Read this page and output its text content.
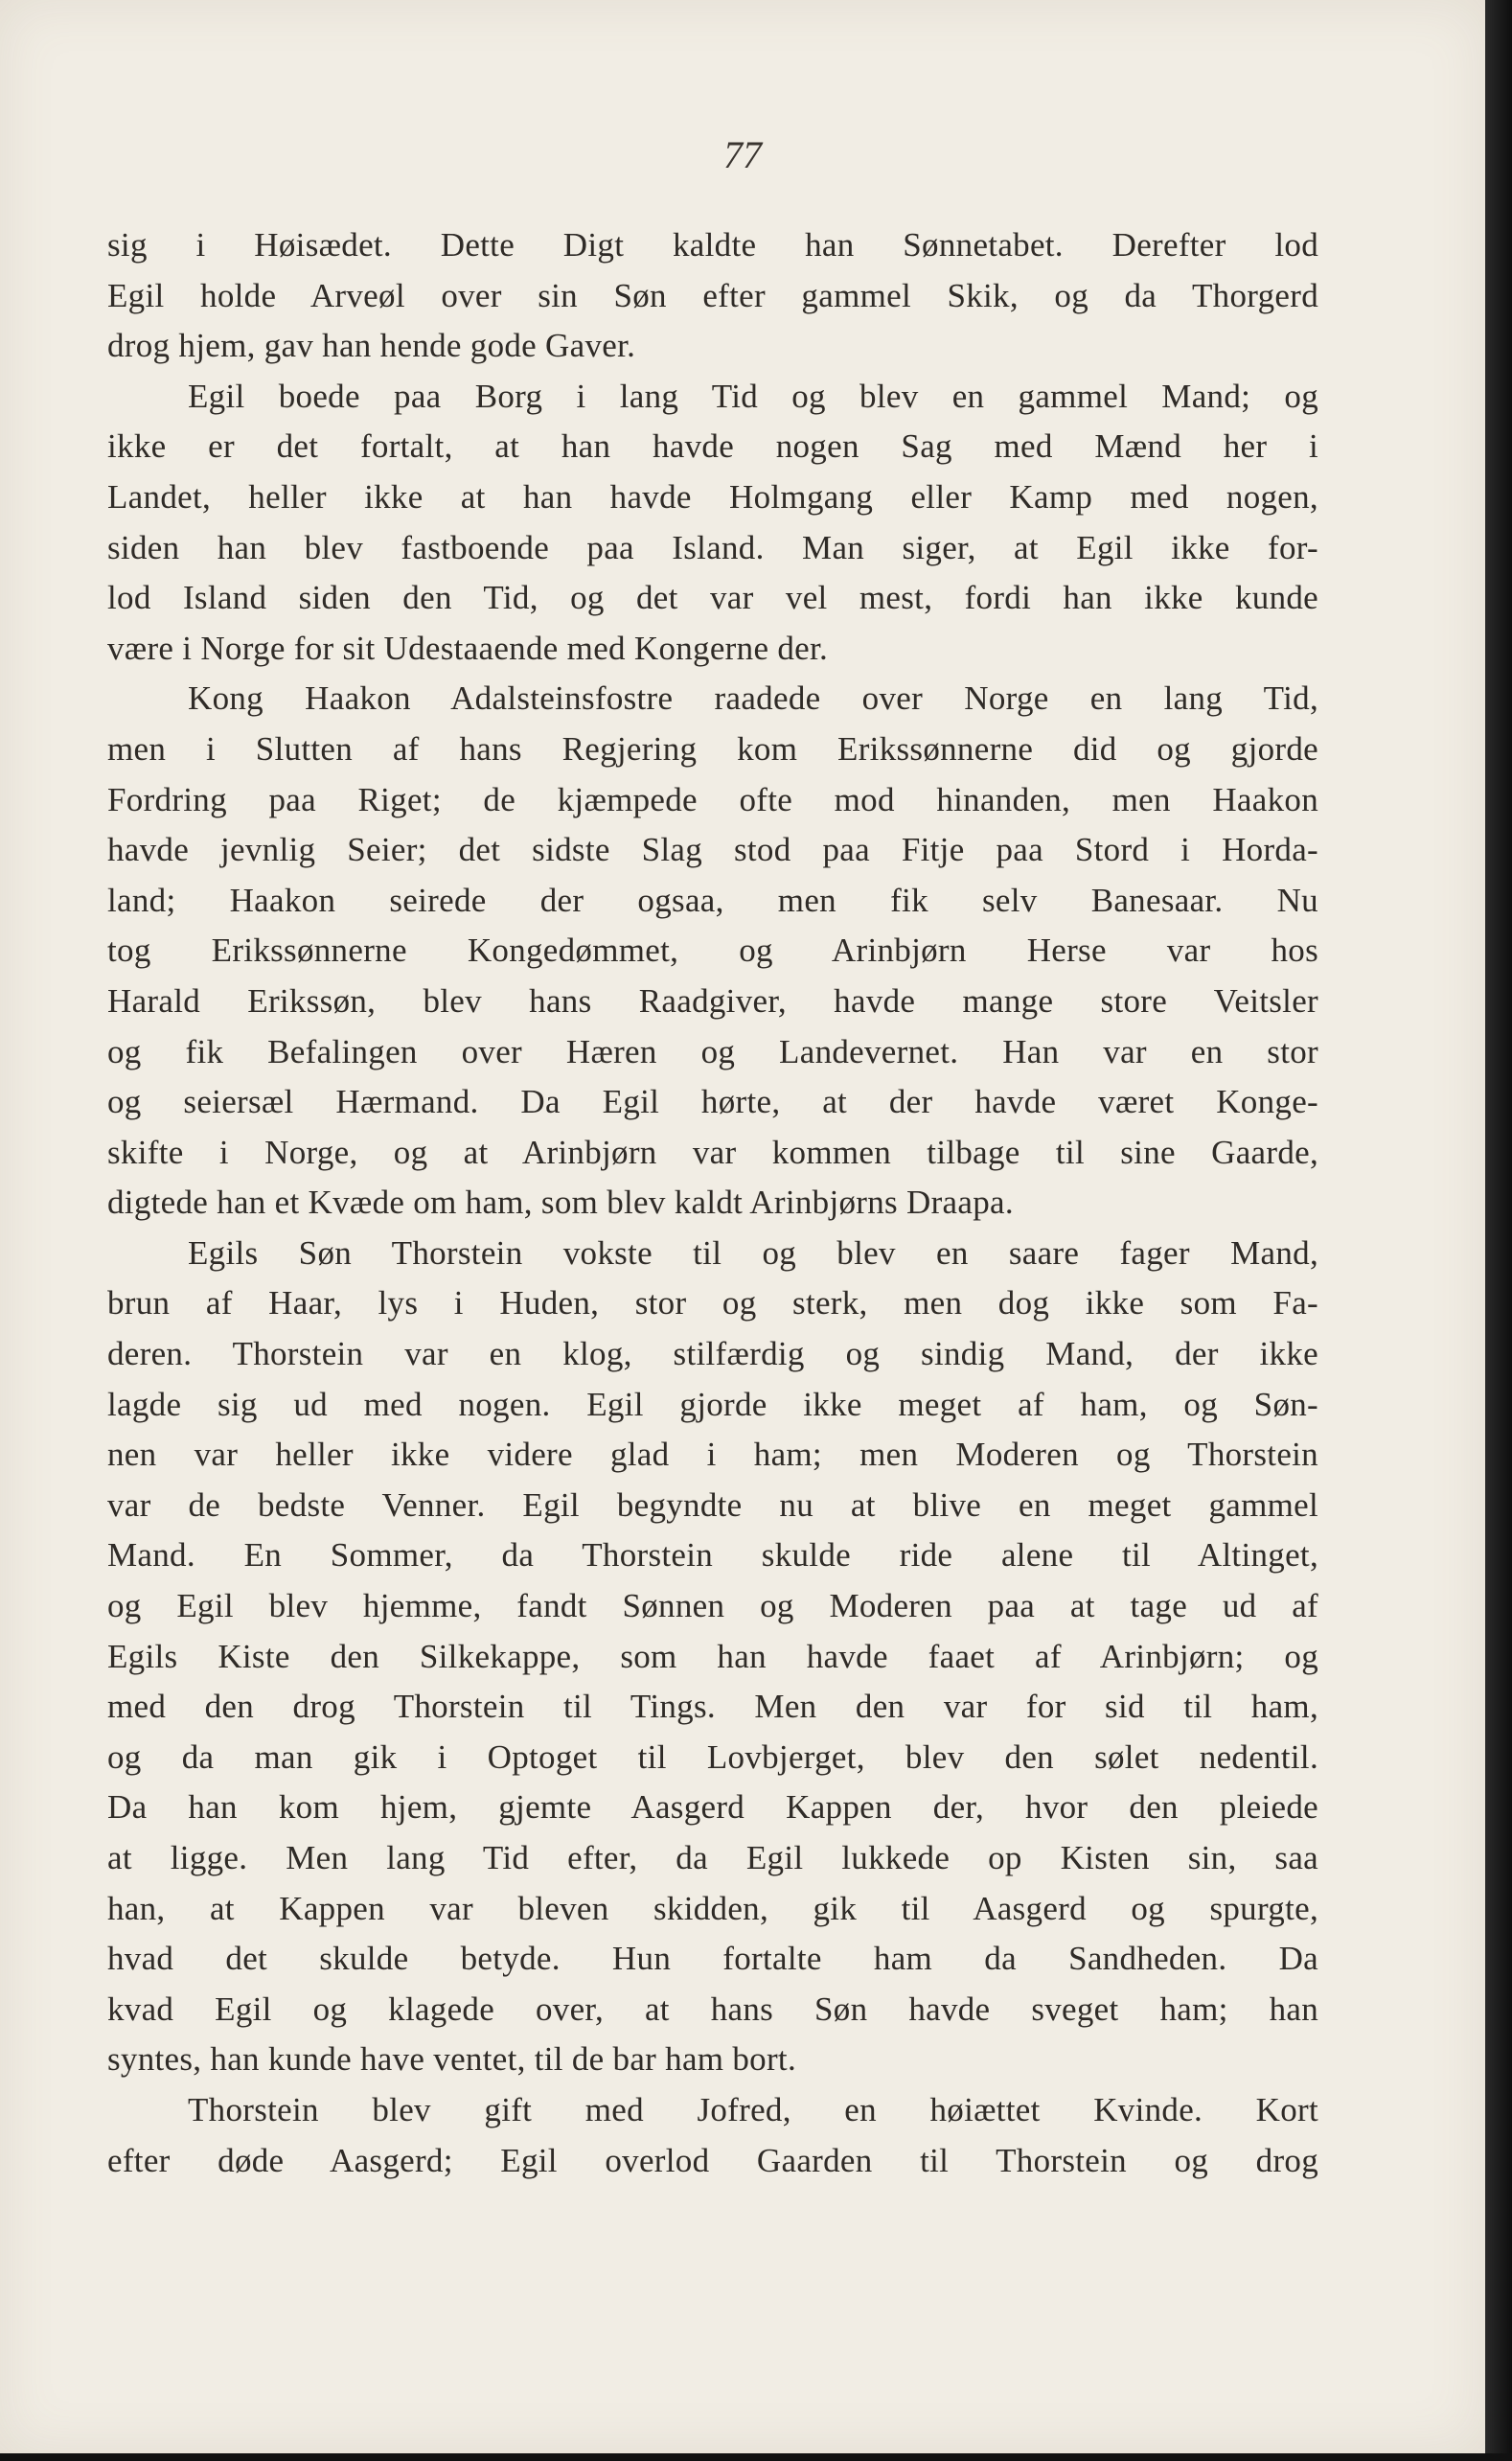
77

sig i Høisædet. Dette Digt kaldte han Sønnetabet. Derefter lod
Egil holde Arveøl over sin Søn efter gammel Skik, og da Thorgerd
drog hjem, gav han hende gode Gaver.
Egil boede paa Borg i lang Tid og blev en gammel Mand; og
ikke er det fortalt, at han havde nogen Sag med Mænd her i
Landet, heller ikke at han havde Holmgang eller Kamp med nogen,
siden han blev fastboende paa Island. Man siger, at Egil ikke for-
lod Island siden den Tid, og det var vel mest, fordi han ikke kunde
være i Norge for sit Udestaaende med Kongerne der.
Kong Haakon Adalsteinsfostre raadede over Norge en lang Tid,
men i Slutten af hans Regjering kom Erikssønnerne did og gjorde
Fordring paa Riget; de kjæmpede ofte mod hinanden, men Haakon
havde jevnlig Seier; det sidste Slag stod paa Fitje paa Stord i Horda-
land; Haakon seirede der ogsaa, men fik selv Banesaar. Nu
tog Erikssønnerne Kongedømmet, og Arinbjørn Herse var hos
Harald Erikssøn, blev hans Raadgiver, havde mange store Veitsler
og fik Befalingen over Hæren og Landevernet. Han var en stor
og seiersæl Hærmand. Da Egil hørte, at der havde været Konge-
skifte i Norge, og at Arinbjørn var kommen tilbage til sine Gaarde,
digtede han et Kvæde om ham, som blev kaldt Arinbjørns Draapa.
Egils Søn Thorstein vokste til og blev en saare fager Mand,
brun af Haar, lys i Huden, stor og sterk, men dog ikke som Fa-
deren. Thorstein var en klog, stilfærdig og sindig Mand, der ikke
lagde sig ud med nogen. Egil gjorde ikke meget af ham, og Søn-
nen var heller ikke videre glad i ham; men Moderen og Thorstein
var de bedste Venner. Egil begyndte nu at blive en meget gammel
Mand. En Sommer, da Thorstein skulde ride alene til Altinget,
og Egil blev hjemme, fandt Sønnen og Moderen paa at tage ud af
Egils Kiste den Silkekappe, som han havde faaet af Arinbjørn; og
med den drog Thorstein til Tings. Men den var for sid til ham,
og da man gik i Optoget til Lovbjerget, blev den sølet nedentil.
Da han kom hjem, gjemte Aasgerd Kappen der, hvor den pleiede
at ligge. Men lang Tid efter, da Egil lukkede op Kisten sin, saa
han, at Kappen var bleven skidden, gik til Aasgerd og spurgte,
hvad det skulde betyde. Hun fortalte ham da Sandheden. Da
kvad Egil og klagede over, at hans Søn havde sveget ham; han
syntes, han kunde have ventet, til de bar ham bort.
Thorstein blev gift med Jofred, en høiættet Kvinde. Kort
efter døde Aasgerd; Egil overlod Gaarden til Thorstein og drog
